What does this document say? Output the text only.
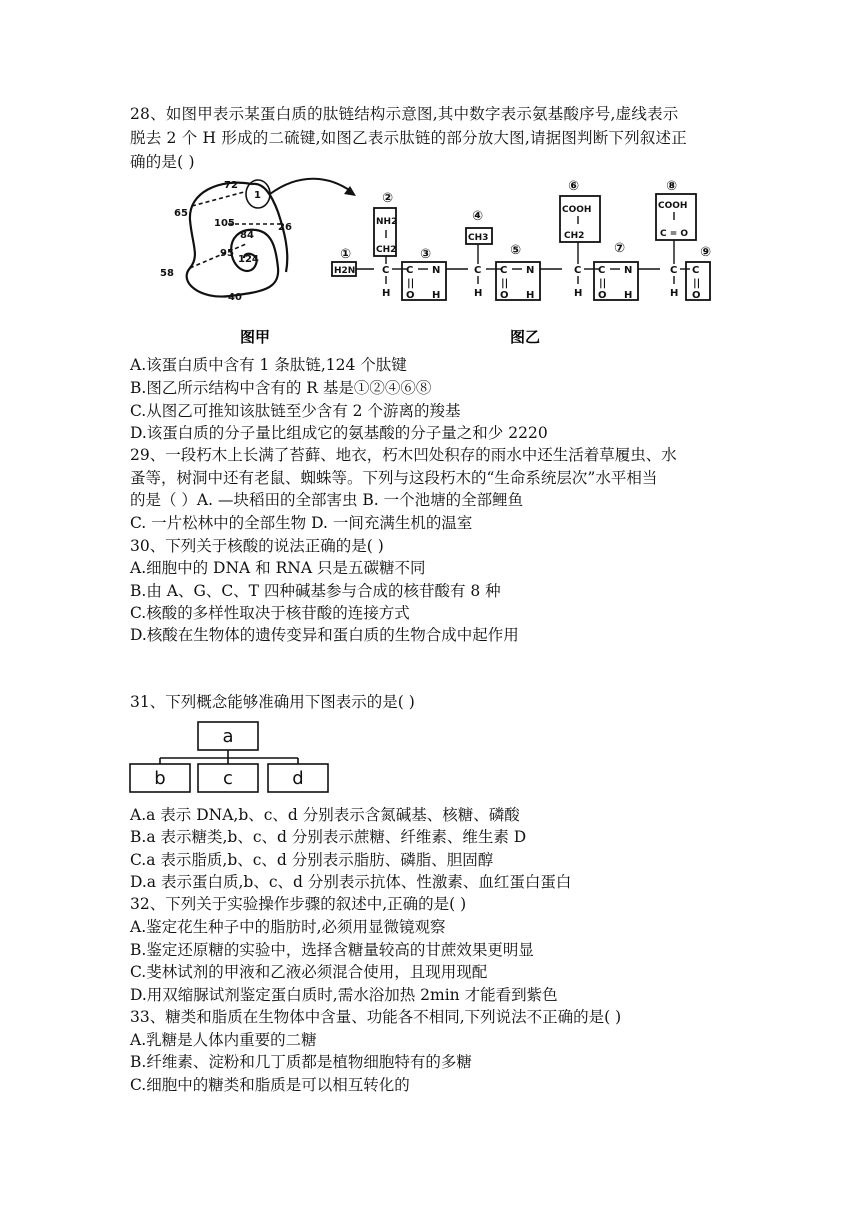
28、如图甲表示某蛋白质的肽链结构示意图,其中数字表示氨基酸序号,虚线表示
脱去 2 个 H 形成的二硫键,如图乙表示肽链的部分放大图,请据图判断下列叙述正
确的是( )
72
1
65
105
84
26
95
124
58
40
图甲
①
②
③
④
⑤
⑥
⑦
⑧
⑨
H2N
NH2
CH2
CH3
COOH
CH2
COOH
C = O
C
H
C N
||
O H
C
H
C N
||
O H
C
H
C N
||
O H
C
H
C
||
O
图乙
A.该蛋白质中含有 1 条肽链,124 个肽键
B.图乙所示结构中含有的 R 基是①②④⑥⑧
C.从图乙可推知该肽链至少含有 2 个游离的羧基
D.该蛋白质的分子量比组成它的氨基酸的分子量之和少 2220
29、一段朽木上长满了苔藓、地衣，朽木凹处积存的雨水中还生活着草履虫、水
蚤等，树洞中还有老鼠、蜘蛛等。下列与这段朽木的“生命系统层次”水平相当
的是（ ）A. —块稻田的全部害虫 B. 一个池塘的全部鲤鱼
C. 一片松林中的全部生物 D. 一间充满生机的温室
30、下列关于核酸的说法正确的是( )
A.细胞中的 DNA 和 RNA 只是五碳糖不同
B.由 A、G、C、T 四种碱基参与合成的核苷酸有 8 种
C.核酸的多样性取决于核苷酸的连接方式
D.核酸在生物体的遗传变异和蛋白质的生物合成中起作用
31、下列概念能够准确用下图表示的是( )
a
b	c	d
A.a 表示 DNA,b、c、d 分别表示含氮碱基、核糖、磷酸
B.a 表示糖类,b、c、d 分别表示蔗糖、纤维素、维生素 D
C.a 表示脂质,b、c、d 分别表示脂肪、磷脂、胆固醇
D.a 表示蛋白质,b、c、d 分别表示抗体、性激素、血红蛋白蛋白
32、下列关于实验操作步骤的叙述中,正确的是( )
A.鉴定花生种子中的脂肪时,必须用显微镜观察
B.鉴定还原糖的实验中，选择含糖量较高的甘蔗效果更明显
C.斐林试剂的甲液和乙液必须混合使用，且现用现配
D.用双缩脲试剂鉴定蛋白质时,需水浴加热 2min 才能看到紫色
33、糖类和脂质在生物体中含量、功能各不相同,下列说法不正确的是( )
A.乳糖是人体内重要的二糖
B.纤维素、淀粉和几丁质都是植物细胞特有的多糖
C.细胞中的糖类和脂质是可以相互转化的
